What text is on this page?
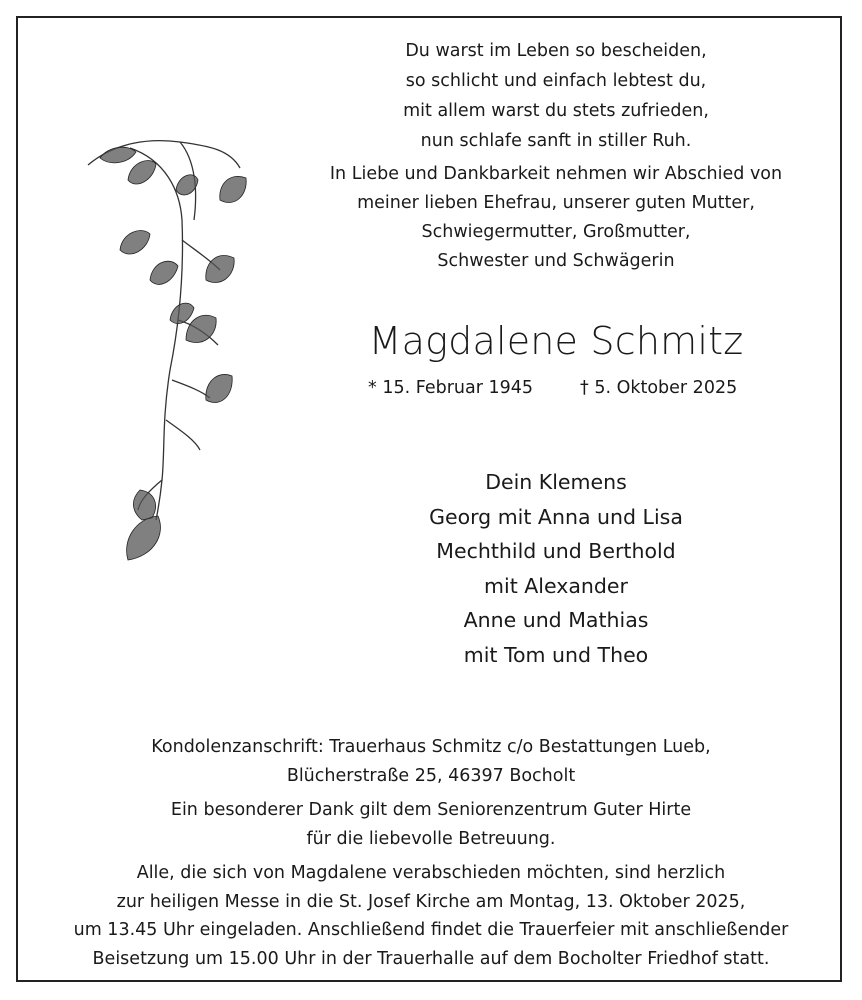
Du warst im Leben so bescheiden,

so schlicht und einfach lebtest du,

mit allem warst du stets zufrieden,

nun schlafe sanft in stiller Ruh.

In Liebe und Dankbarkeit nehmen wir Abschied von

meiner lieben Ehefrau, unserer guten Mutter,

Schwiegermutter, Großmutter,

Schwester und Schwägerin

Magdalene Schmitz
* 15. Februar 1945	† 5. Oktober 2025

Dein Klemens

Georg mit Anna und Lisa

Mechthild und Berthold

mit Alexander

Anne und Mathias

mit Tom und Theo

Kondolenzanschrift: Trauerhaus Schmitz c/o Bestattungen Lueb,

Blücherstraße 25, 46397 Bocholt

Ein besonderer Dank gilt dem Seniorenzentrum Guter Hirte

für die liebevolle Betreuung.

Alle, die sich von Magdalene verabschieden möchten, sind herzlich

zur heiligen Messe in die St. Josef Kirche am Montag, 13. Oktober 2025,

um 13.45 Uhr eingeladen. Anschließend findet die Trauerfeier mit anschließender

Beisetzung um 15.00 Uhr in der Trauerhalle auf dem Bocholter Friedhof statt.
